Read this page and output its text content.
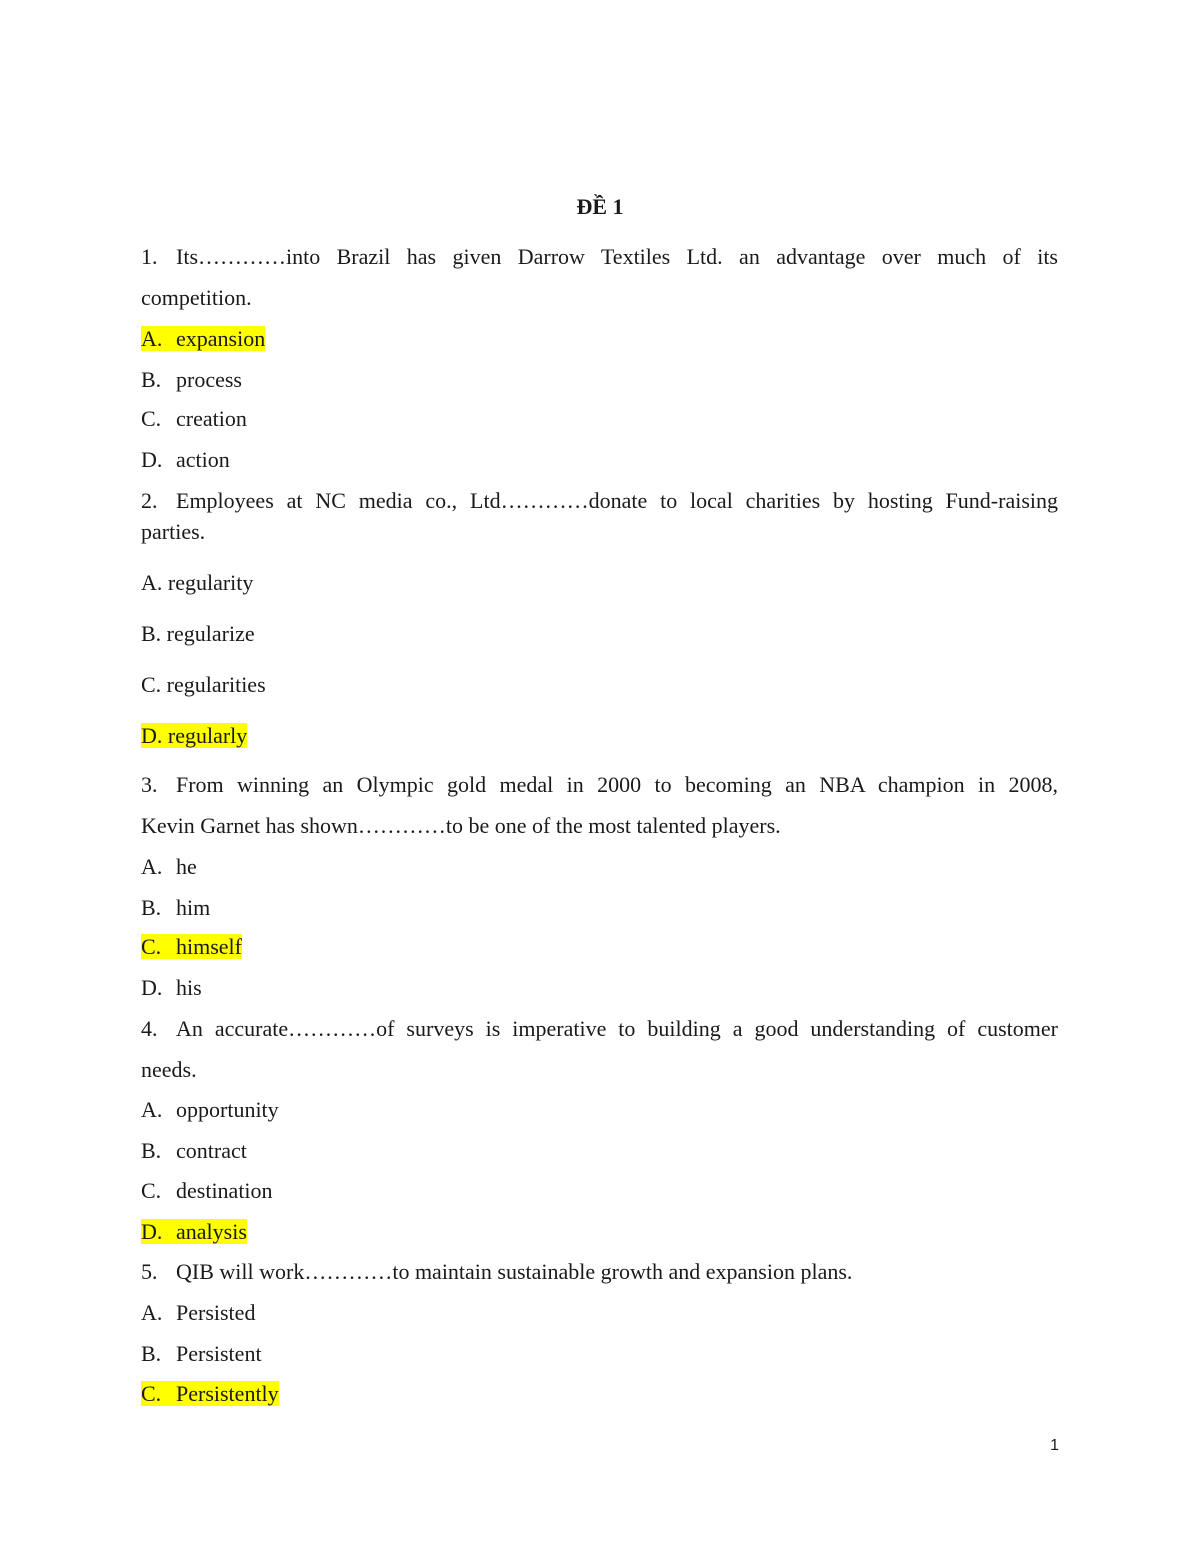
ĐỀ 1
1. Its…………into Brazil has given Darrow Textiles Ltd. an advantage over much of its
competition.
A. expansion
B. process
C. creation
D. action
2. Employees at NC media co., Ltd…………donate to local charities by hosting Fund-raising
parties.
A. regularity
B. regularize
C. regularities
D. regularly
3. From winning an Olympic gold medal in 2000 to becoming an NBA champion in 2008,
Kevin Garnet has shown…………to be one of the most talented players.
A. he
B. him
C. himself
D. his
4. An accurate…………of surveys is imperative to building a good understanding of customer
needs.
A. opportunity
B. contract
C. destination
D. analysis
5. QIB will work…………to maintain sustainable growth and expansion plans.
A. Persisted
B. Persistent
C. Persistently
1
